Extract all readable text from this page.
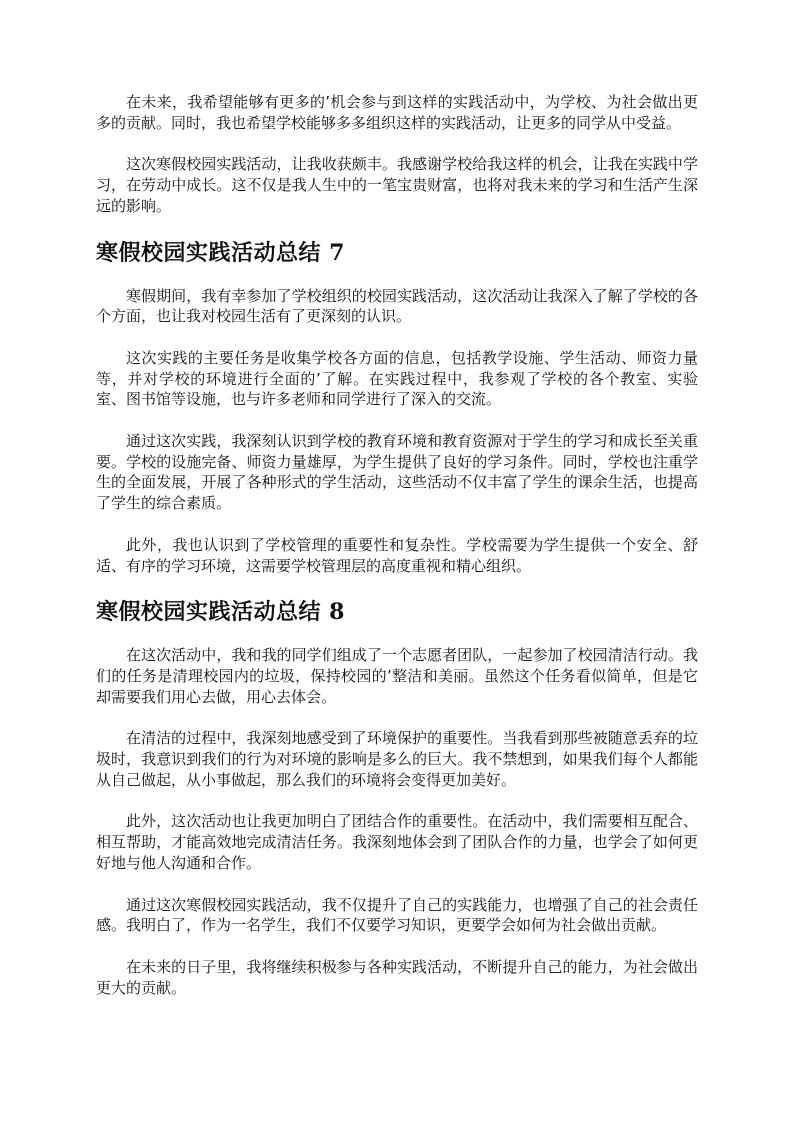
在未来，我希望能够有更多的’机会参与到这样的实践活动中，为学校、为社会做出更多的贡献。同时，我也希望学校能够多多组织这样的实践活动，让更多的同学从中受益。

这次寒假校园实践活动，让我收获颇丰。我感谢学校给我这样的机会，让我在实践中学习，在劳动中成长。这不仅是我人生中的一笔宝贵财富，也将对我未来的学习和生活产生深远的影响。

寒假校园实践活动总结 7

寒假期间，我有幸参加了学校组织的校园实践活动，这次活动让我深入了解了学校的各个方面，也让我对校园生活有了更深刻的认识。

这次实践的主要任务是收集学校各方面的信息，包括教学设施、学生活动、师资力量等，并对学校的环境进行全面的’了解。在实践过程中，我参观了学校的各个教室、实验室、图书馆等设施，也与许多老师和同学进行了深入的交流。

通过这次实践，我深刻认识到学校的教育环境和教育资源对于学生的学习和成长至关重要。学校的设施完备、师资力量雄厚，为学生提供了良好的学习条件。同时，学校也注重学生的全面发展，开展了各种形式的学生活动，这些活动不仅丰富了学生的课余生活，也提高了学生的综合素质。

此外，我也认识到了学校管理的重要性和复杂性。学校需要为学生提供一个安全、舒适、有序的学习环境，这需要学校管理层的高度重视和精心组织。

寒假校园实践活动总结 8

在这次活动中，我和我的同学们组成了一个志愿者团队，一起参加了校园清洁行动。我们的任务是清理校园内的垃圾，保持校园的’整洁和美丽。虽然这个任务看似简单，但是它却需要我们用心去做，用心去体会。

在清洁的过程中，我深刻地感受到了环境保护的重要性。当我看到那些被随意丢弃的垃圾时，我意识到我们的行为对环境的影响是多么的巨大。我不禁想到，如果我们每个人都能从自己做起，从小事做起，那么我们的环境将会变得更加美好。

此外，这次活动也让我更加明白了团结合作的重要性。在活动中，我们需要相互配合、相互帮助，才能高效地完成清洁任务。我深刻地体会到了团队合作的力量，也学会了如何更好地与他人沟通和合作。

通过这次寒假校园实践活动，我不仅提升了自己的实践能力，也增强了自己的社会责任感。我明白了，作为一名学生，我们不仅要学习知识，更要学会如何为社会做出贡献。

在未来的日子里，我将继续积极参与各种实践活动，不断提升自己的能力，为社会做出更大的贡献。
